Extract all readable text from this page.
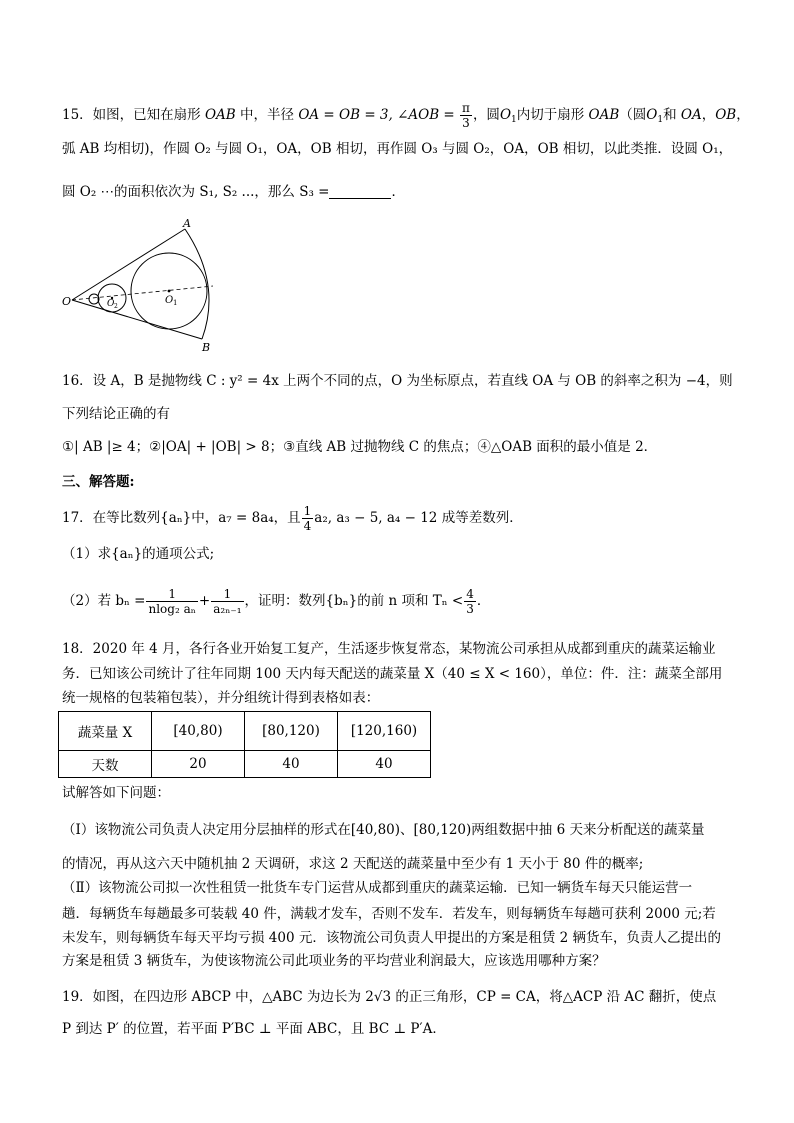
15．如图，已知在扇形 OAB 中，半径 OA = OB = 3, ∠AOB = $\frac{\pi}{3}$ ，圆$O_1$内切于扇形 OAB（圆$O_1$和 OA，OB，
弧 AB 均相切)，作圆 O₂ 与圆 O₁，OA，OB 相切，再作圆 O₃ 与圆 O₂，OA，OB 相切，以此类推．设圆 O₁，
圆 O₂ ⋯的面积依次为 S₁, S₂ ...，那么 S₃ =	．
A
B
O	O 1
O 2
16．设 A，B 是抛物线 C : y² = 4x 上两个不同的点，O 为坐标原点，若直线 OA 与 OB 的斜率之积为 −4，则
下列结论正确的有
①| AB |≥ 4；②|OA| + |OB| > 8；③直线 AB 过抛物线 C 的焦点；④△OAB 面积的最小值是 2．
三、解答题:
17．在等比数列{aₙ}中，a₇ = 8a₄，且 $\frac{1}{4} a_2$, a₃ − 5, a₄ − 12 成等差数列．
（1）求{aₙ}的通项公式;
（2）若 $b_n = \frac{1}{\text{nlog₂ aₙ}} + \frac{1}{\text{a₂ₙ₋₁}}$ ，证明：数列{bₙ}的前 n 项和 $T_n < \frac{4}{3}$ ．
18．2020 年 4 月，各行各业开始复工复产，生活逐步恢复常态，某物流公司承担从成都到重庆的蔬菜运输业
务．已知该公司统计了往年同期 100 天内每天配送的蔬菜量 X（40 ≤ X < 160），单位：件．注：蔬菜全部用
统一规格的包装箱包装），并分组统计得到表格如表：
蔬菜量 X	[40,80)	[80,120)	[120,160)
天数	20	40	40
试解答如下问题：
（I）该物流公司负责人决定用分层抽样的形式在[40,80)、[80,120)两组数据中抽 6 天来分析配送的蔬菜量
的情况，再从这六天中随机抽 2 天调研，求这 2 天配送的蔬菜量中至少有 1 天小于 80 件的概率;
（Ⅱ）该物流公司拟一次性租赁一批货车专门运营从成都到重庆的蔬菜运输．已知一辆货车每天只能运营一
趟．每辆货车每趟最多可装载 40 件，满载才发车，否则不发车．若发车，则每辆货车每趟可获利 2000 元;若
未发车，则每辆货车每天平均亏损 400 元．该物流公司负责人甲提出的方案是租赁 2 辆货车，负责人乙提出的
方案是租赁 3 辆货车，为使该物流公司此项业务的平均营业利润最大，应该选用哪种方案？
19．如图，在四边形 ABCP 中，△ABC 为边长为 2√3 的正三角形，CP = CA，将△ACP 沿 AC 翻折，使点
P 到达 P′ 的位置，若平面 P′BC ⊥ 平面 ABC，且 BC ⊥ P′A．
